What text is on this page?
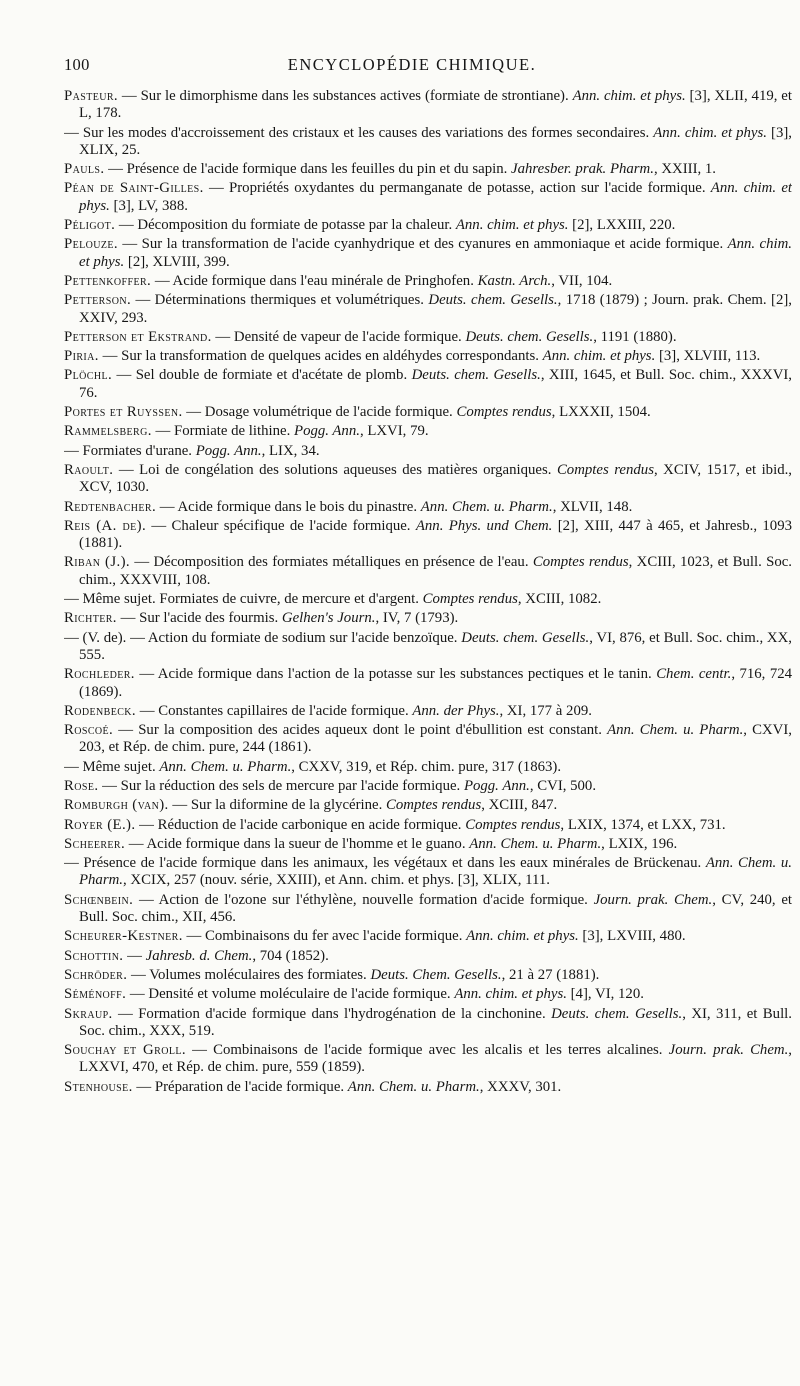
100	ENCYCLOPÉDIE CHIMIQUE.

Pasteur. — Sur le dimorphisme dans les substances actives (formiate de strontiane). Ann. chim. et phys. [3], XLII, 419, et L, 178.

— Sur les modes d'accroissement des cristaux et les causes des variations des formes secondaires. Ann. chim. et phys. [3], XLIX, 25.

Pauls. — Présence de l'acide formique dans les feuilles du pin et du sapin. Jahresber. prak. Pharm., XXIII, 1.

Péan de Saint-Gilles. — Propriétés oxydantes du permanganate de potasse, action sur l'acide formique. Ann. chim. et phys. [3], LV, 388.

Péligot. — Décomposition du formiate de potasse par la chaleur. Ann. chim. et phys. [2], LXXIII, 220.

Pelouze. — Sur la transformation de l'acide cyanhydrique et des cyanures en ammoniaque et acide formique. Ann. chim. et phys. [2], XLVIII, 399.

Pettenkoffer. — Acide formique dans l'eau minérale de Pringhofen. Kastn. Arch., VII, 104.

Petterson. — Déterminations thermiques et volumétriques. Deuts. chem. Gesells., 1718 (1879) ; Journ. prak. Chem. [2], XXIV, 293.

Petterson et Ekstrand. — Densité de vapeur de l'acide formique. Deuts. chem. Gesells., 1191 (1880).

Piria. — Sur la transformation de quelques acides en aldéhydes correspondants. Ann. chim. et phys. [3], XLVIII, 113.

Plöchl. — Sel double de formiate et d'acétate de plomb. Deuts. chem. Gesells., XIII, 1645, et Bull. Soc. chim., XXXVI, 76.

Portes et Ruyssen. — Dosage volumétrique de l'acide formique. Comptes rendus, LXXXII, 1504.

Rammelsberg. — Formiate de lithine. Pogg. Ann., LXVI, 79.

— Formiates d'urane. Pogg. Ann., LIX, 34.

Raoult. — Loi de congélation des solutions aqueuses des matières organiques. Comptes rendus, XCIV, 1517, et ibid., XCV, 1030.

Redtenbacher. — Acide formique dans le bois du pinastre. Ann. Chem. u. Pharm., XLVII, 148.

Reis (A. de). — Chaleur spécifique de l'acide formique. Ann. Phys. und Chem. [2], XIII, 447 à 465, et Jahresb., 1093 (1881).

Riban (J.). — Décomposition des formiates métalliques en présence de l'eau. Comptes rendus, XCIII, 1023, et Bull. Soc. chim., XXXVIII, 108.

— Même sujet. Formiates de cuivre, de mercure et d'argent. Comptes rendus, XCIII, 1082.

Richter. — Sur l'acide des fourmis. Gelhen's Journ., IV, 7 (1793).

— (V. de). — Action du formiate de sodium sur l'acide benzoïque. Deuts. chem. Gesells., VI, 876, et Bull. Soc. chim., XX, 555.

Rochleder. — Acide formique dans l'action de la potasse sur les substances pectiques et le tanin. Chem. centr., 716, 724 (1869).

Rodenbeck. — Constantes capillaires de l'acide formique. Ann. der Phys., XI, 177 à 209.

Roscoé. — Sur la composition des acides aqueux dont le point d'ébullition est constant. Ann. Chem. u. Pharm., CXVI, 203, et Rép. de chim. pure, 244 (1861).

— Même sujet. Ann. Chem. u. Pharm., CXXV, 319, et Rép. chim. pure, 317 (1863).

Rose. — Sur la réduction des sels de mercure par l'acide formique. Pogg. Ann., CVI, 500.

Romburgh (van). — Sur la diformine de la glycérine. Comptes rendus, XCIII, 847.

Royer (E.). — Réduction de l'acide carbonique en acide formique. Comptes rendus, LXIX, 1374, et LXX, 731.

Scheerer. — Acide formique dans la sueur de l'homme et le guano. Ann. Chem. u. Pharm., LXIX, 196.

— Présence de l'acide formique dans les animaux, les végétaux et dans les eaux minérales de Brückenau. Ann. Chem. u. Pharm., XCIX, 257 (nouv. série, XXIII), et Ann. chim. et phys. [3], XLIX, 111.

Schœnbein. — Action de l'ozone sur l'éthylène, nouvelle formation d'acide formique. Journ. prak. Chem., CV, 240, et Bull. Soc. chim., XII, 456.

Scheurer-Kestner. — Combinaisons du fer avec l'acide formique. Ann. chim. et phys. [3], LXVIII, 480.

Schottin. — Jahresb. d. Chem., 704 (1852).

Schröder. — Volumes moléculaires des formiates. Deuts. Chem. Gesells., 21 à 27 (1881).

Séménoff. — Densité et volume moléculaire de l'acide formique. Ann. chim. et phys. [4], VI, 120.

Skraup. — Formation d'acide formique dans l'hydrogénation de la cinchonine. Deuts. chem. Gesells., XI, 311, et Bull. Soc. chim., XXX, 519.

Souchay et Groll. — Combinaisons de l'acide formique avec les alcalis et les terres alcalines. Journ. prak. Chem., LXXVI, 470, et Rép. de chim. pure, 559 (1859).

Stenhouse. — Préparation de l'acide formique. Ann. Chem. u. Pharm., XXXV, 301.
